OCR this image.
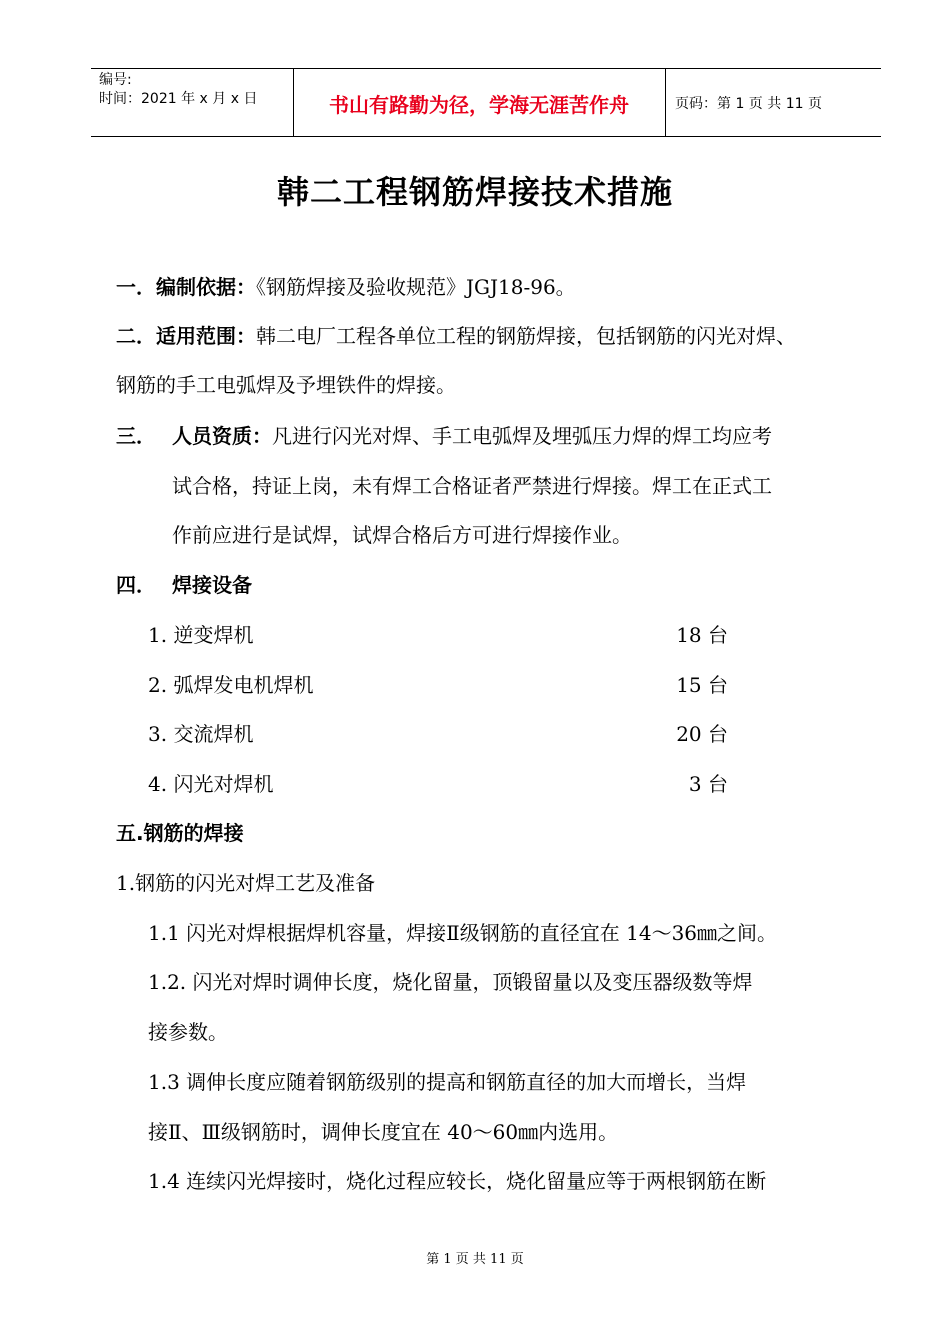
编号:
时间：2021 年 x 月 x 日	书山有路勤为径，学海无涯苦作舟	页码：第 1 页 共 11 页
韩二工程钢筋焊接技术措施
一．编制依据：《钢筋焊接及验收规范》JGJ18-96。
二．适用范围：韩二电厂工程各单位工程的钢筋焊接，包括钢筋的闪光对焊、
钢筋的手工电弧焊及予埋铁件的焊接。
三． 人员资质：凡进行闪光对焊、手工电弧焊及埋弧压力焊的焊工均应考
试合格，持证上岗，未有焊工合格证者严禁进行焊接。焊工在正式工
作前应进行是试焊，试焊合格后方可进行焊接作业。
四． 焊接设备
1. 逆变焊机	18 台
2. 弧焊发电机焊机	15 台
3. 交流焊机	20 台
4. 闪光对焊机	3 台
五.钢筋的焊接
1.钢筋的闪光对焊工艺及准备
1.1 闪光对焊根据焊机容量，焊接Ⅱ级钢筋的直径宜在 14～36㎜之间。
1.2. 闪光对焊时调伸长度，烧化留量，顶锻留量以及变压器级数等焊
接参数。
1.3 调伸长度应随着钢筋级别的提高和钢筋直径的加大而增长，当焊
接Ⅱ、Ⅲ级钢筋时，调伸长度宜在 40～60㎜内选用。
1.4 连续闪光焊接时，烧化过程应较长，烧化留量应等于两根钢筋在断
第 1 页 共 11 页
